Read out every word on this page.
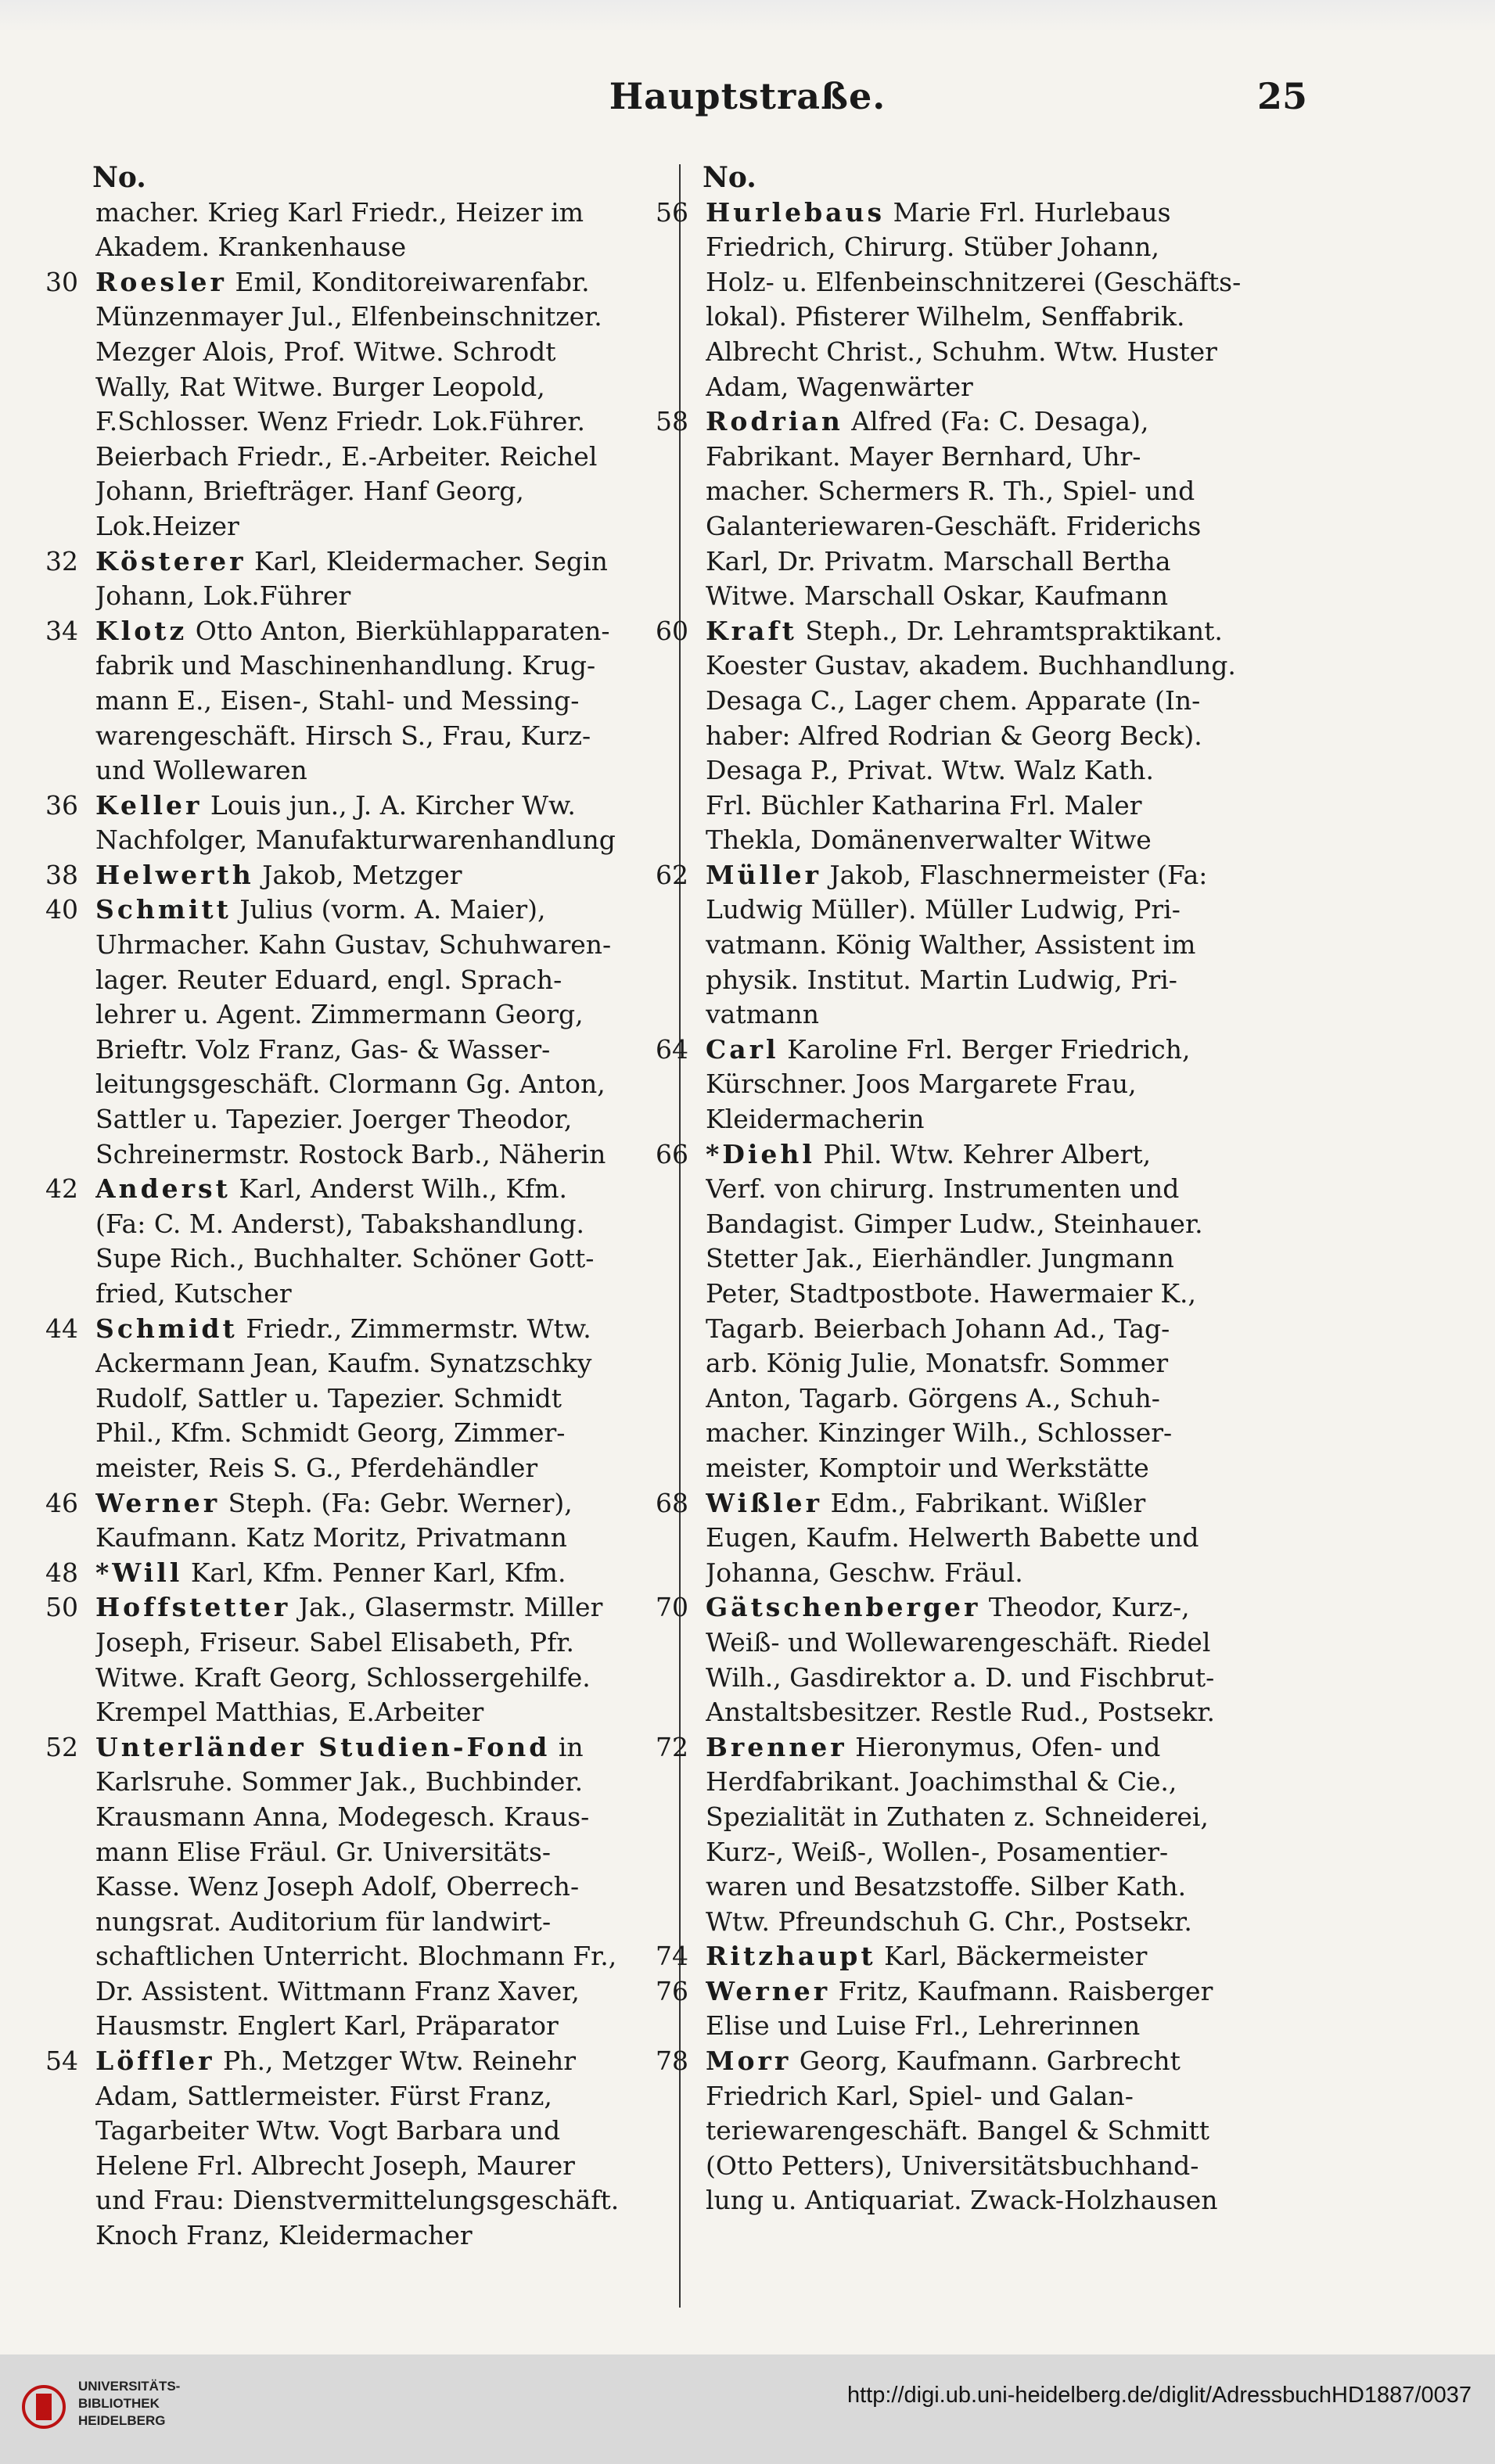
Hauptstraße.	25
No.
macher. Krieg Karl Friedr., Heizer im
Akadem. Krankenhause
30 Roesler Emil, Konditoreiwarenfabr.
Münzenmayer Jul., Elfenbeinschnitzer.
Mezger Alois, Prof. Witwe. Schrodt
Wally, Rat Witwe. Burger Leopold,
F.Schlosser. Wenz Friedr. Lok.Führer.
Beierbach Friedr., E.-Arbeiter. Reichel
Johann, Briefträger. Hanf Georg,
Lok.Heizer
32 Kösterer Karl, Kleidermacher. Segin
Johann, Lok.Führer
34 Klotz Otto Anton, Bierkühlapparaten-
fabrik und Maschinenhandlung. Krug-
mann E., Eisen-, Stahl- und Messing-
warengeschäft. Hirsch S., Frau, Kurz-
und Wollewaren
36 Keller Louis jun., J. A. Kircher Ww.
Nachfolger, Manufakturwarenhandlung
38 Helwerth Jakob, Metzger
40 Schmitt Julius (vorm. A. Maier),
Uhrmacher. Kahn Gustav, Schuhwaren-
lager. Reuter Eduard, engl. Sprach-
lehrer u. Agent. Zimmermann Georg,
Brieftr. Volz Franz, Gas- & Wasser-
leitungsgeschäft. Clormann Gg. Anton,
Sattler u. Tapezier. Joerger Theodor,
Schreinermstr. Rostock Barb., Näherin
42 Anderst Karl, Anderst Wilh., Kfm.
(Fa: C. M. Anderst), Tabakshandlung.
Supe Rich., Buchhalter. Schöner Gott-
fried, Kutscher
44 Schmidt Friedr., Zimmermstr. Wtw.
Ackermann Jean, Kaufm. Synatzschky
Rudolf, Sattler u. Tapezier. Schmidt
Phil., Kfm. Schmidt Georg, Zimmer-
meister, Reis S. G., Pferdehändler
46 Werner Steph. (Fa: Gebr. Werner),
Kaufmann. Katz Moritz, Privatmann
48 *Will Karl, Kfm. Penner Karl, Kfm.
50 Hoffstetter Jak., Glasermstr. Miller
Joseph, Friseur. Sabel Elisabeth, Pfr.
Witwe. Kraft Georg, Schlossergehilfe.
Krempel Matthias, E.Arbeiter
52 Unterländer Studien-Fond in
Karlsruhe. Sommer Jak., Buchbinder.
Krausmann Anna, Modegesch. Kraus-
mann Elise Fräul. Gr. Universitäts-
Kasse. Wenz Joseph Adolf, Oberrech-
nungsrat. Auditorium für landwirt-
schaftlichen Unterricht. Blochmann Fr.,
Dr. Assistent. Wittmann Franz Xaver,
Hausmstr. Englert Karl, Präparator
54 Löffler Ph., Metzger Wtw. Reinehr
Adam, Sattlermeister. Fürst Franz,
Tagarbeiter Wtw. Vogt Barbara und
Helene Frl. Albrecht Joseph, Maurer
und Frau: Dienstvermittelungsgeschäft.
Knoch Franz, Kleidermacher
No.
56 Hurlebaus Marie Frl. Hurlebaus
Friedrich, Chirurg. Stüber Johann,
Holz- u. Elfenbeinschnitzerei (Geschäfts-
lokal). Pfisterer Wilhelm, Senffabrik.
Albrecht Christ., Schuhm. Wtw. Huster
Adam, Wagenwärter
58 Rodrian Alfred (Fa: C. Desaga),
Fabrikant. Mayer Bernhard, Uhr-
macher. Schermers R. Th., Spiel- und
Galanteriewaren-Geschäft. Friderichs
Karl, Dr. Privatm. Marschall Bertha
Witwe. Marschall Oskar, Kaufmann
60 Kraft Steph., Dr. Lehramtspraktikant.
Koester Gustav, akadem. Buchhandlung.
Desaga C., Lager chem. Apparate (In-
haber: Alfred Rodrian & Georg Beck).
Desaga P., Privat. Wtw. Walz Kath.
Frl. Büchler Katharina Frl. Maler
Thekla, Domänenverwalter Witwe
62 Müller Jakob, Flaschnermeister (Fa:
Ludwig Müller). Müller Ludwig, Pri-
vatmann. König Walther, Assistent im
physik. Institut. Martin Ludwig, Pri-
vatmann
64 Carl Karoline Frl. Berger Friedrich,
Kürschner. Joos Margarete Frau,
Kleidermacherin
66 *Diehl Phil. Wtw. Kehrer Albert,
Verf. von chirurg. Instrumenten und
Bandagist. Gimper Ludw., Steinhauer.
Stetter Jak., Eierhändler. Jungmann
Peter, Stadtpostbote. Hawermaier K.,
Tagarb. Beierbach Johann Ad., Tag-
arb. König Julie, Monatsfr. Sommer
Anton, Tagarb. Görgens A., Schuh-
macher. Kinzinger Wilh., Schlosser-
meister, Komptoir und Werkstätte
68 Wißler Edm., Fabrikant. Wißler
Eugen, Kaufm. Helwerth Babette und
Johanna, Geschw. Fräul.
70 Gätschenberger Theodor, Kurz-,
Weiß- und Wollewarengeschäft. Riedel
Wilh., Gasdirektor a. D. und Fischbrut-
Anstaltsbesitzer. Restle Rud., Postsekr.
72 Brenner Hieronymus, Ofen- und
Herdfabrikant. Joachimsthal & Cie.,
Spezialität in Zuthaten z. Schneiderei,
Kurz-, Weiß-, Wollen-, Posamentier-
waren und Besatzstoffe. Silber Kath.
Wtw. Pfreundschuh G. Chr., Postsekr.
74 Ritzhaupt Karl, Bäckermeister
76 Werner Fritz, Kaufmann. Raisberger
Elise und Luise Frl., Lehrerinnen
78 Morr Georg, Kaufmann. Garbrecht
Friedrich Karl, Spiel- und Galan-
teriewarengeschäft. Bangel & Schmitt
(Otto Petters), Universitätsbuchhand-
lung u. Antiquariat. Zwack-Holzhausen
UNIVERSITÄTS-
BIBLIOTHEK
HEIDELBERG
http://digi.ub.uni-heidelberg.de/diglit/AdressbuchHD1887/0037
